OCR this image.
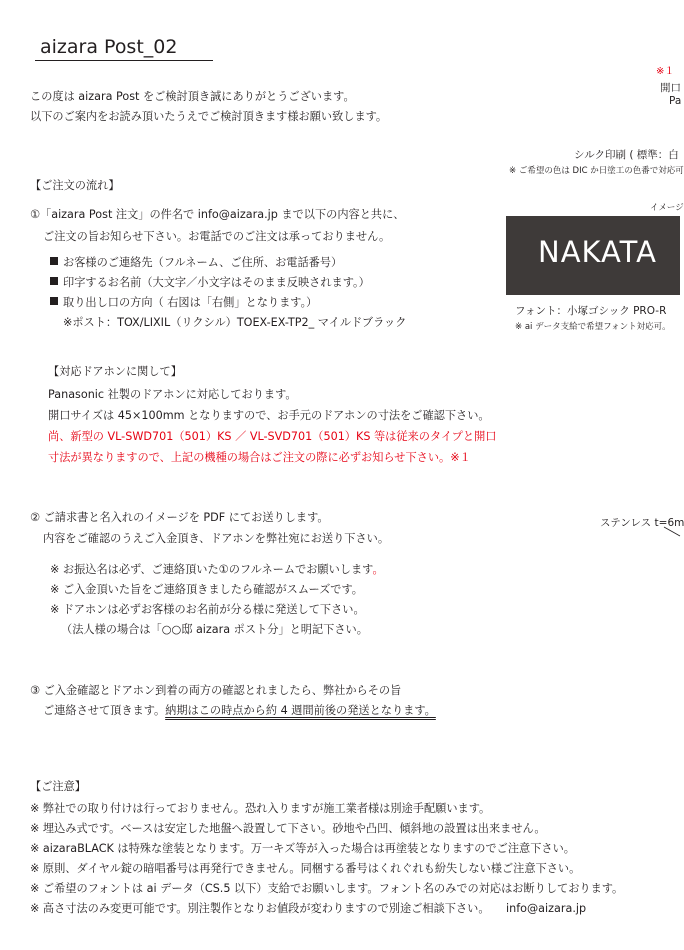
aizara Post_02
この度は aizara Post をご検討頂き誠にありがとうございます。
以下のご案内をお読み頂いたうえでご検討頂きます様お願い致します。
※１
開口
Pa
シルク印刷 ( 標準：白
※ ご希望の色は DIC か日塗工の色番で対応可
イメージ
NAKATA
フォント：小塚ゴシック PRO-R
※ ai データ支給で希望フォント対応可。
ステンレス t=6m
【ご注文の流れ】
①「aizara Post 注文」の件名で info@aizara.jp まで以下の内容と共に、
ご注文の旨お知らせ下さい。お電話でのご注文は承っておりません。
お客様のご連絡先（フルネーム、ご住所、お電話番号）
印字するお名前（大文字／小文字はそのまま反映されます。）
取り出し口の方向（ 右図は「右側」となります。）
※ポスト：TOX/LIXIL（リクシル）TOEX-EX-TP2_ マイルドブラック
【対応ドアホンに関して】
Panasonic 社製のドアホンに対応しております。
開口サイズは 45×100mm となりますので、お手元のドアホンの寸法をご確認下さい。
尚、新型の VL-SWD701（501）KS ／ VL-SVD701（501）KS 等は従来のタイプと開口
寸法が異なりますので、上記の機種の場合はご注文の際に必ずお知らせ下さい。※１
② ご請求書と名入れのイメージを PDF にてお送りします。
内容をご確認のうえご入金頂き、ドアホンを弊社宛にお送り下さい。
※ お振込名は必ず、ご連絡頂いた①のフルネームでお願いします。
※ ご入金頂いた旨をご連絡頂きましたら確認がスムーズです。
※ ドアホンは必ずお客様のお名前が分る様に発送して下さい。
（法人様の場合は「○○邸 aizara ポスト分」と明記下さい。
③ ご入金確認とドアホン到着の両方の確認とれましたら、弊社からその旨
ご連絡させて頂きます。納期はこの時点から約 4 週間前後の発送となります。
【ご注意】
※ 弊社での取り付けは行っておりません。恐れ入りますが施工業者様は別途手配願います。
※ 埋込み式です。ベースは安定した地盤へ設置して下さい。砂地や凸凹、傾斜地の設置は出来ません。
※ aizaraBLACK は特殊な塗装となります。万一キズ等が入った場合は再塗装となりますのでご注意下さい。
※ 原則、ダイヤル錠の暗唱番号は再発行できません。同梱する番号はくれぐれも紛失しない様ご注意下さい。
※ ご希望のフォントは ai データ（CS.5 以下）支給でお願いします。フォント名のみでの対応はお断りしております。
※ 高さ寸法のみ変更可能です。別注製作となりお値段が変わりますので別途ご相談下さい。 info@aizara.jp
